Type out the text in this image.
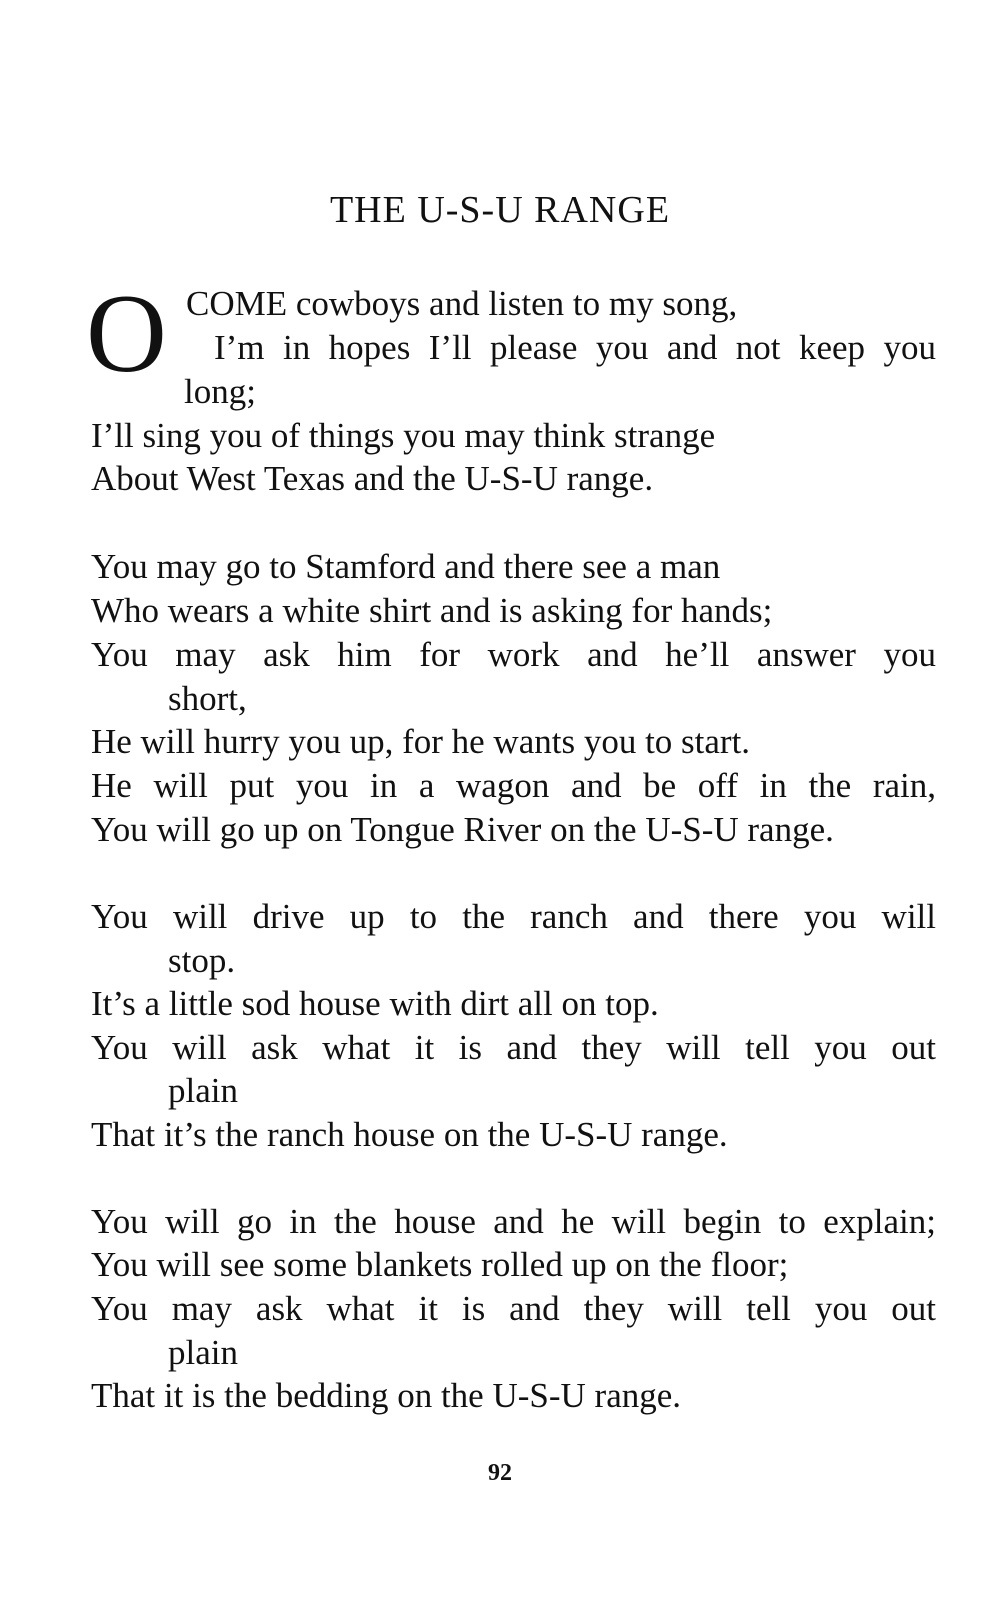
THE U-S-U RANGE
O COME cowboys and listen to my song,
I’m in hopes I’ll please you and not keep you
long;
I’ll sing you of things you may think strange
About West Texas and the U-S-U range.
You may go to Stamford and there see a man
Who wears a white shirt and is asking for hands;
You may ask him for work and he’ll answer you
short,
He will hurry you up, for he wants you to start.
He will put you in a wagon and be off in the rain,
You will go up on Tongue River on the U-S-U range.
You will drive up to the ranch and there you will
stop.
It’s a little sod house with dirt all on top.
You will ask what it is and they will tell you out
plain
That it’s the ranch house on the U-S-U range.
You will go in the house and he will begin to explain;
You will see some blankets rolled up on the floor;
You may ask what it is and they will tell you out
plain
That it is the bedding on the U-S-U range.
92
